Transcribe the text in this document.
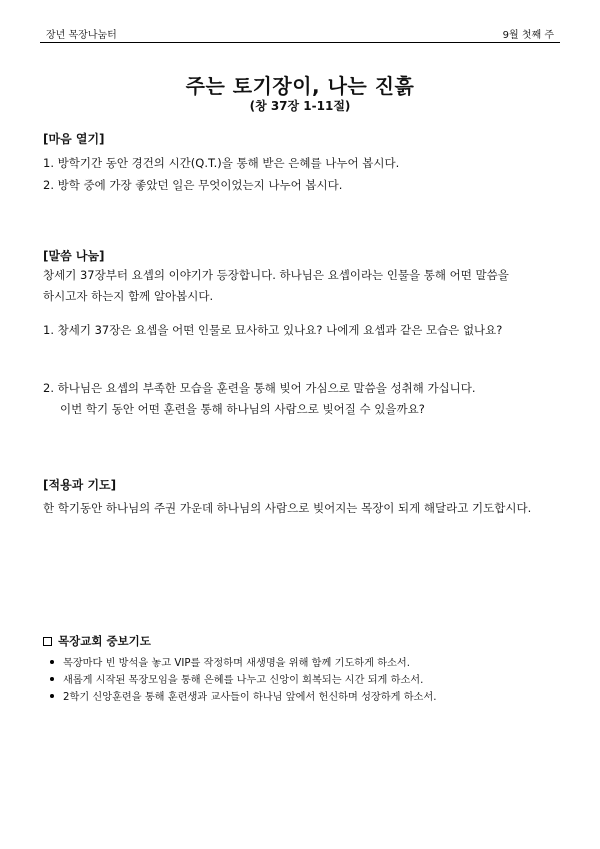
장년 목장나눔터	9월 첫째 주
주는 토기장이, 나는 진흙
(창 37장 1-11절)
[마음 열기]
1. 방학기간 동안 경건의 시간(Q.T.)을 통해 받은 은혜를 나누어 봅시다.
2. 방학 중에 가장 좋았던 일은 무엇이었는지 나누어 봅시다.
[말씀 나눔]
창세기 37장부터 요셉의 이야기가 등장합니다. 하나님은 요셉이라는 인물을 통해 어떤 말씀을
하시고자 하는지 함께 알아봅시다.
1. 창세기 37장은 요셉을 어떤 인물로 묘사하고 있나요? 나에게 요셉과 같은 모습은 없나요?
2. 하나님은 요셉의 부족한 모습을 훈련을 통해 빚어 가심으로 말씀을 성취해 가십니다.
이번 학기 동안 어떤 훈련을 통해 하나님의 사람으로 빚어질 수 있을까요?
[적용과 기도]
한 학기동안 하나님의 주권 가운데 하나님의 사람으로 빚어지는 목장이 되게 해달라고 기도합시다.
목장교회 중보기도
목장마다 빈 방석을 놓고 VIP를 작정하며 새생명을 위해 함께 기도하게 하소서.
새롭게 시작된 목장모임을 통해 은혜를 나누고 신앙이 회복되는 시간 되게 하소서.
2학기 신앙훈련을 통해 훈련생과 교사들이 하나님 앞에서 헌신하며 성장하게 하소서.
